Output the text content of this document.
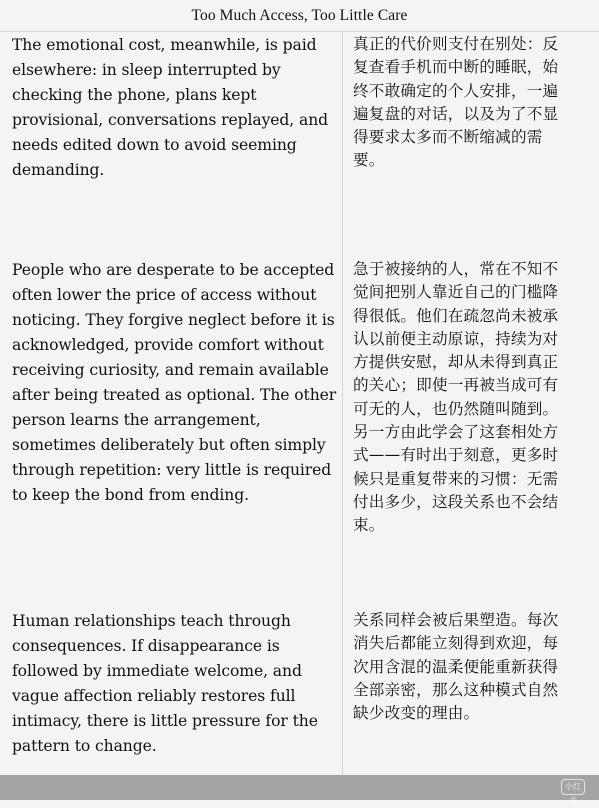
Too Much Access, Too Little Care

The emotional cost, meanwhile, is paid
elsewhere: in sleep interrupted by
checking the phone, plans kept
provisional, conversations replayed, and
needs edited down to avoid seeming
demanding.

真正的代价则支付在别处：反
复查看手机而中断的睡眠，始
终不敢确定的个人安排，一遍
遍复盘的对话，以及为了不显
得要求太多而不断缩减的需
要。

People who are desperate to be accepted
often lower the price of access without
noticing. They forgive neglect before it is
acknowledged, provide comfort without
receiving curiosity, and remain available
after being treated as optional. The other
person learns the arrangement,
sometimes deliberately but often simply
through repetition: very little is required
to keep the bond from ending.

急于被接纳的人，常在不知不
觉间把别人靠近自己的门槛降
得很低。他们在疏忽尚未被承
认以前便主动原谅，持续为对
方提供安慰，却从未得到真正
的关心；即使一再被当成可有
可无的人，也仍然随叫随到。
另一方由此学会了这套相处方
式——有时出于刻意，更多时
候只是重复带来的习惯：无需
付出多少，这段关系也不会结
束。

Human relationships teach through
consequences. If disappearance is
followed by immediate welcome, and
vague affection reliably restores full
intimacy, there is little pressure for the
pattern to change.

关系同样会被后果塑造。每次
消失后都能立刻得到欢迎，每
次用含混的温柔便能重新获得
全部亲密，那么这种模式自然
缺少改变的理由。

小红书
